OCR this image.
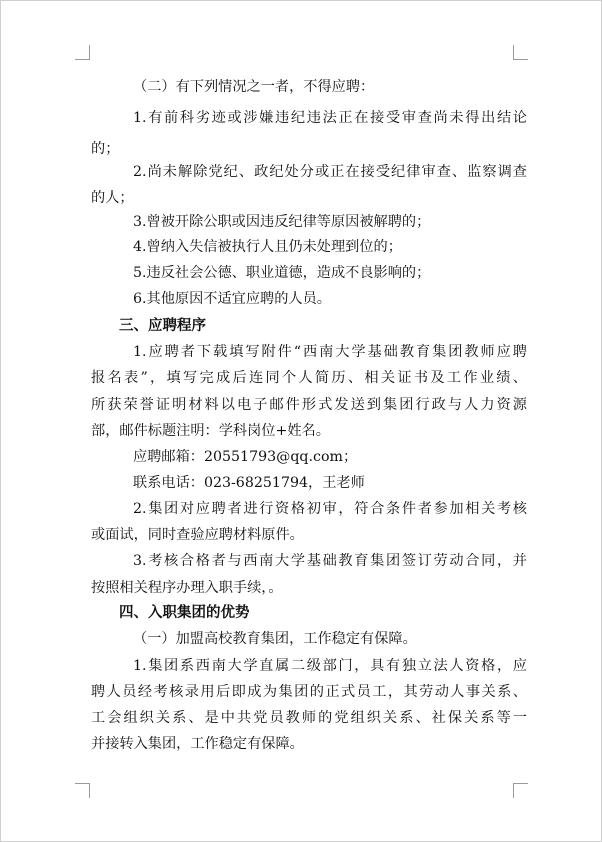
（二）有下列情况之一者，不得应聘：
1.有前科劣迹或涉嫌违纪违法正在接受审查尚未得出结论
的；
2.尚未解除党纪、政纪处分或正在接受纪律审查、监察调查
的人；
3.曾被开除公职或因违反纪律等原因被解聘的；
4.曾纳入失信被执行人且仍未处理到位的；
5.违反社会公德、职业道德，造成不良影响的；
6.其他原因不适宜应聘的人员。
三、应聘程序
1.应聘者下载填写附件“西南大学基础教育集团教师应聘
报名表”，填写完成后连同个人简历、相关证书及工作业绩、
所获荣誉证明材料以电子邮件形式发送到集团行政与人力资源
部，邮件标题注明：学科岗位+姓名。
应聘邮箱：20551793@qq.com；
联系电话：023-68251794，王老师
2.集团对应聘者进行资格初审，符合条件者参加相关考核
或面试，同时查验应聘材料原件。
3.考核合格者与西南大学基础教育集团签订劳动合同，并
按照相关程序办理入职手续，。
四、入职集团的优势
（一）加盟高校教育集团，工作稳定有保障。
1.集团系西南大学直属二级部门，具有独立法人资格，应
聘人员经考核录用后即成为集团的正式员工，其劳动人事关系、
工会组织关系、是中共党员教师的党组织关系、社保关系等一
并接转入集团，工作稳定有保障。
